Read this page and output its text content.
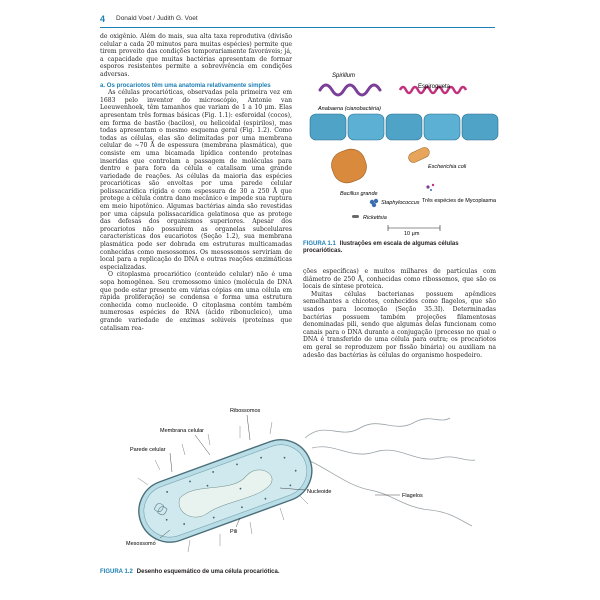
4 Donald Voet / Judith G. Voet

de oxigênio. Além do mais, sua alta taxa reprodutiva (divisão celular a cada 20 minutos para muitas espécies) permite que tirem proveito das condições temporariamente favoráveis; já, a capacidade que muitas bactérias apresentam de formar esporos resistentes permite a sobrevivência em condições adversas.

a. Os procariotos têm uma anatomia relativamente simples

As células procarióticas, observadas pela primeira vez em 1683 pelo inventor do microscópio, Antonie van Leeuwenhoek, têm tamanhos que variam de 1 a 10 μm. Elas apresentam três formas básicas (Fig. 1.1): esferoidal (cocos), em forma de bastão (bacilos), ou helicoidal (espirilos), mas todas apresentam o mesmo esquema geral (Fig. 1.2). Como todas as células, elas são delimitadas por uma membrana celular de ~70 Å de espessura (membrana plasmática), que consiste em uma bicamada lipídica contendo proteínas inseridas que controlam a passagem de moléculas para dentro e para fora da célula e catalisam uma grande variedade de reações. As células da maioria das espécies procarióticas são envoltas por uma parede celular polissacarídica rígida e com espessura de 30 a 250 Å que protege a célula contra dano mecânico e impede sua ruptura em meio hipotônico. Algumas bactérias ainda são revestidas por uma cápsula polissacarídica gelatinosa que as protege das defesas dos organismos superiores. Apesar dos procariotos não possuírem as organelas subcelulares características dos eucariotos (Seção 1.2), sua membrana plasmática pode ser dobrada em estruturas multicamadas conhecidas como mesossomos. Os mesossomos serviriam de local para a replicação do DNA e outras reações enzimáticas especializadas.

O citoplasma procariótico (conteúdo celular) não é uma sopa homogênea. Seu cromossomo único (molécula de DNA que pode estar presente em várias cópias em uma célula em rápida proliferação) se condensa e forma uma estrutura conhecida como nucleoide. O citoplasma contém também numerosas espécies de RNA (ácido ribonucleico), uma grande variedade de enzimas solúveis (proteínas que catalisam rea-

Spirillum
Espiroqueta
Anabaena (cianobactéria)
Bacillus grande
Escherichia coli
Staphylococcus
Rickettsia
Três espécies de Mycoplasma
10 μm
FIGURA 1.1 Ilustrações em escala de algumas células procarióticas.

ções específicas) e muitos milhares de partículas com diâmetro de 250 Å, conhecidas como ribossomos, que são os locais de síntese proteica.

Muitas células bacterianas possuem apêndices semelhantes a chicotes, conhecidos como flagelos, que são usados para locomoção (Seção 35.3I). Determinadas bactérias possuem também projeções filamentosas denominadas pili, sendo que algumas delas funcionam como canais para o DNA durante a conjugação (processo no qual o DNA é transferido de uma célula para outra; os procariotos em geral se reproduzem por fissão binária) ou auxiliam na adesão das bactérias às células do organismo hospedeiro.

Ribossomos
Membrana celular
Parede celular
Nucleoide
Flagelos
Pili
Mesossomo
FIGURA 1.2 Desenho esquemático de uma célula procariótica.
